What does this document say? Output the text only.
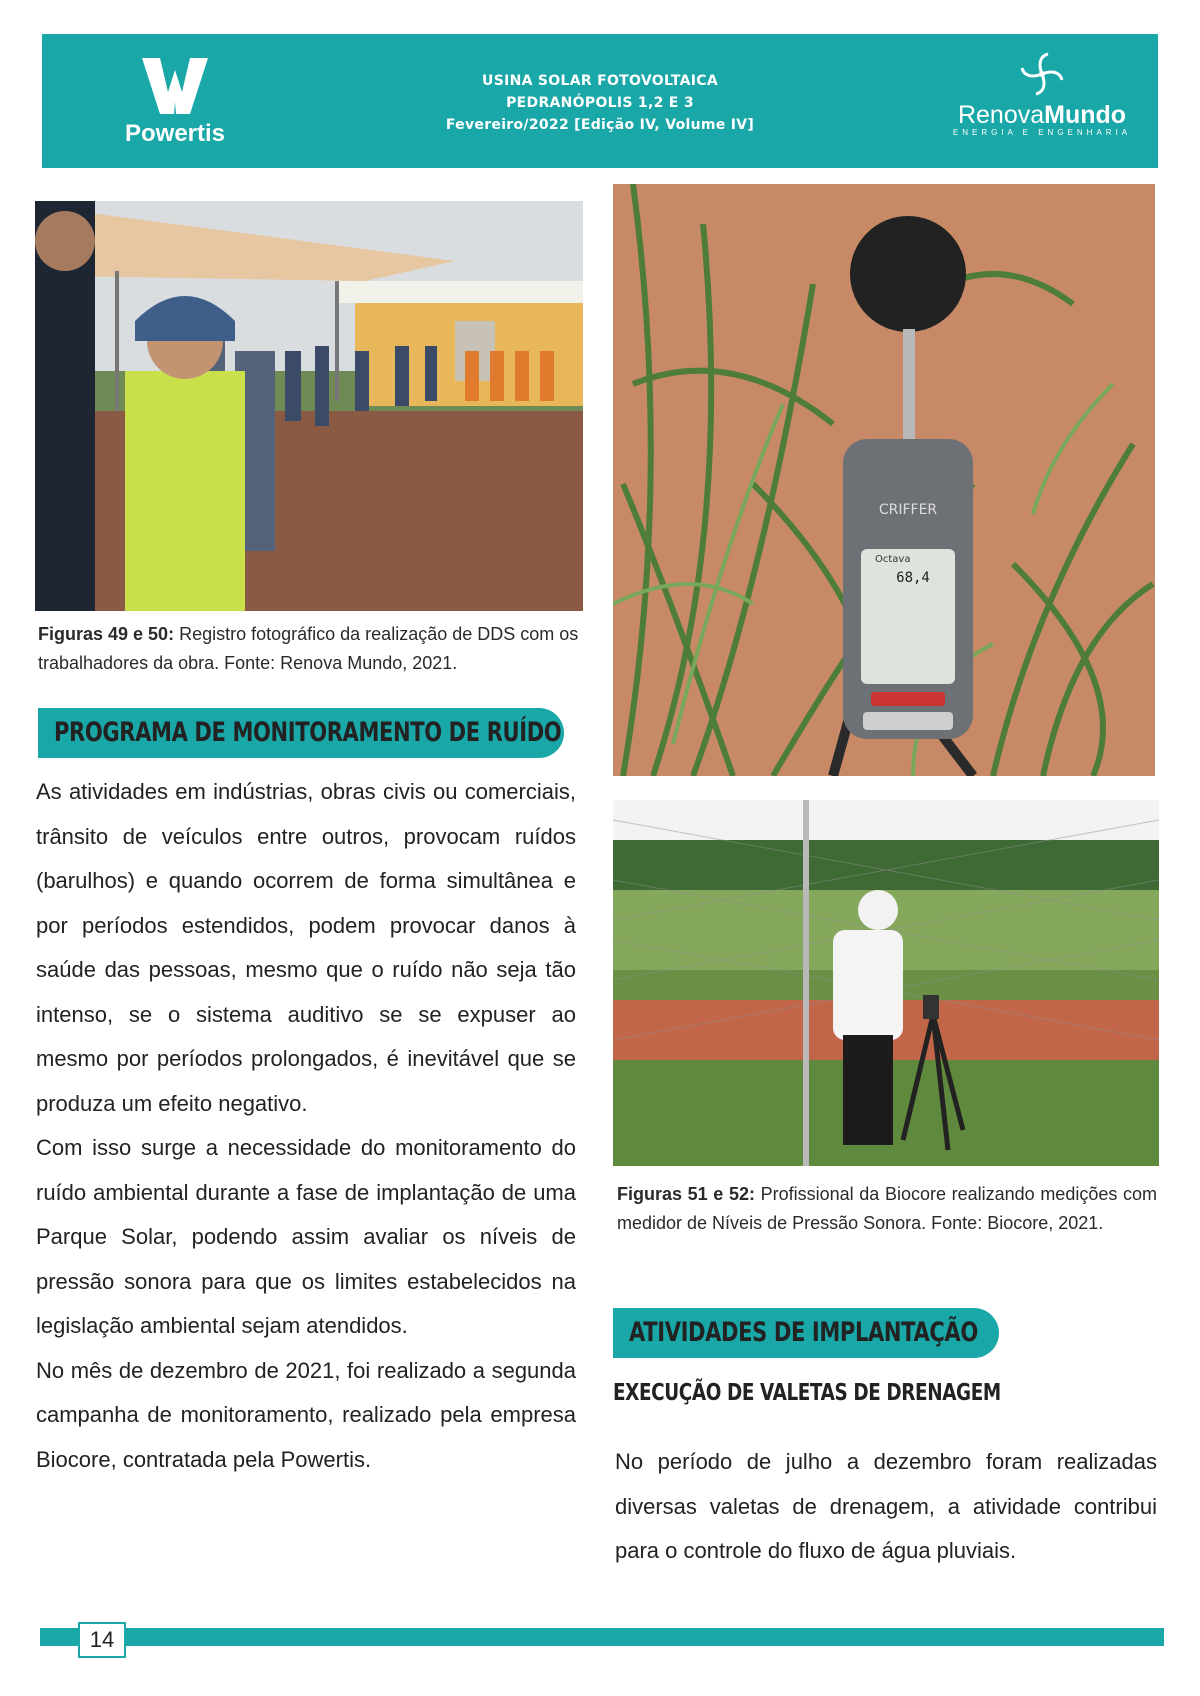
Powertis
USINA SOLAR FOTOVOLTAICA
PEDRANÓPOLIS 1,2 E 3
Fevereiro/2022 [Edição IV, Volume IV]	RenovaMundo
ENERGIA E ENGENHARIA
CRIFFER
Octava
68,4
Figuras 49 e 50: Registro fotográfico da realização de DDS com os trabalhadores da obra. Fonte: Renova Mundo, 2021.
PROGRAMA DE MONITORAMENTO DE RUÍDO

As atividades em indústrias, obras civis ou comerciais, trânsito de veículos entre outros, provocam ruídos (barulhos) e quando ocorrem de forma simultânea e por períodos estendidos, podem provocar danos à saúde das pessoas, mesmo que o ruído não seja tão intenso, se o sistema auditivo se se expuser ao mesmo por períodos prolongados, é inevitável que se produza um efeito negativo.

Com isso surge a necessidade do monitoramento do ruído ambiental durante a fase de implantação de uma Parque Solar, podendo assim avaliar os níveis de pressão sonora para que os limites estabelecidos na legislação ambiental sejam atendidos.

No mês de dezembro de 2021, foi realizado a segunda campanha de monitoramento, realizado pela empresa Biocore, contratada pela Powertis.

Figuras 51 e 52: Profissional da Biocore realizando medições com medidor de Níveis de Pressão Sonora. Fonte: Biocore, 2021.
ATIVIDADES DE IMPLANTAÇÃO
EXECUÇÃO DE VALETAS DE DRENAGEM

No período de julho a dezembro foram realizadas diversas valetas de drenagem, a atividade contribui para o controle do fluxo de água pluviais.

14
